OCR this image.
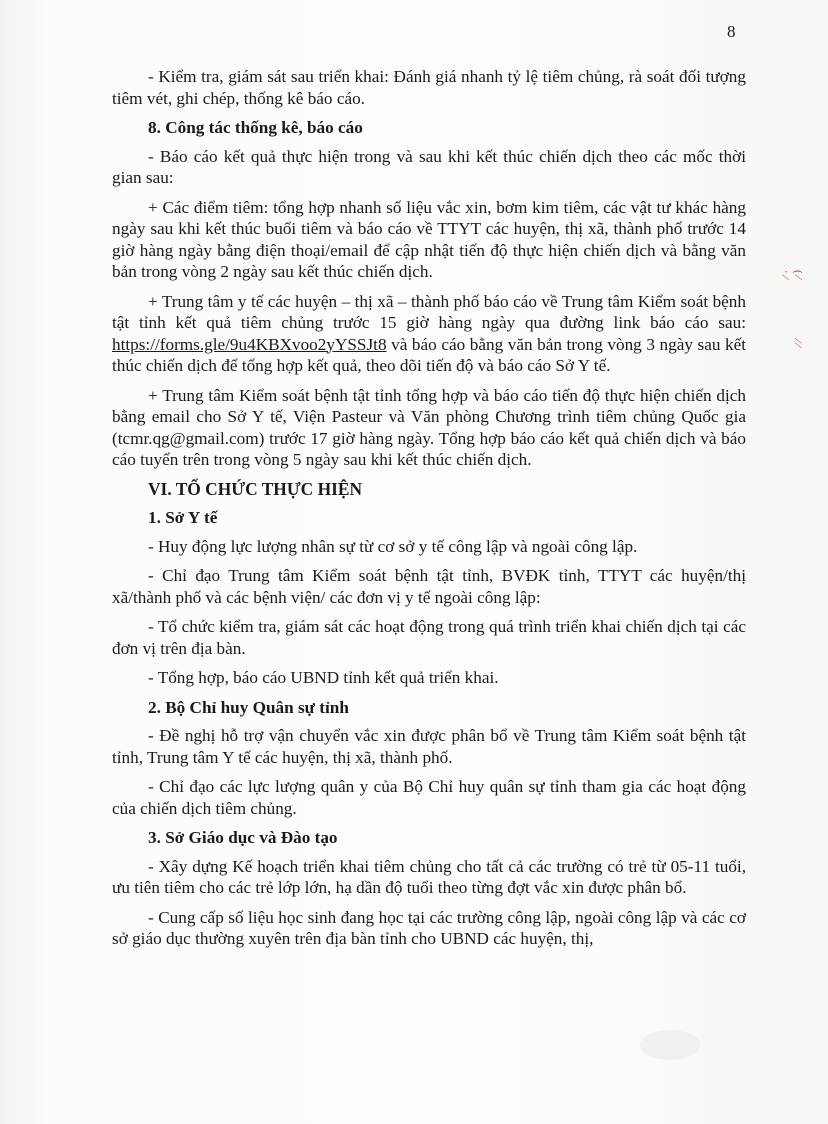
8
( ⁄ ‧ ⁄
⁄ ⁄

- Kiểm tra, giám sát sau triển khai: Đánh giá nhanh tỷ lệ tiêm chủng, rà soát đối tượng tiêm vét, ghi chép, thống kê báo cáo.

8. Công tác thống kê, báo cáo

- Báo cáo kết quả thực hiện trong và sau khi kết thúc chiến dịch theo các mốc thời gian sau:

+ Các điểm tiêm: tổng hợp nhanh số liệu vắc xin, bơm kim tiêm, các vật tư khác hàng ngày sau khi kết thúc buổi tiêm và báo cáo về TTYT các huyện, thị xã, thành phố trước 14 giờ hàng ngày bằng điện thoại/email để cập nhật tiến độ thực hiện chiến dịch và bằng văn bản trong vòng 2 ngày sau kết thúc chiến dịch.

+ Trung tâm y tế các huyện – thị xã – thành phố báo cáo về Trung tâm Kiểm soát bệnh tật tỉnh kết quả tiêm chủng trước 15 giờ hàng ngày qua đường link báo cáo sau: https://forms.gle/9u4KBXvoo2yYSSJt8 và báo cáo bằng văn bản trong vòng 3 ngày sau kết thúc chiến dịch để tổng hợp kết quả, theo dõi tiến độ và báo cáo Sở Y tế.

+ Trung tâm Kiểm soát bệnh tật tỉnh tổng hợp và báo cáo tiến độ thực hiện chiến dịch bằng email cho Sở Y tế, Viện Pasteur và Văn phòng Chương trình tiêm chủng Quốc gia (tcmr.qg@gmail.com) trước 17 giờ hàng ngày. Tổng hợp báo cáo kết quả chiến dịch và báo cáo tuyến trên trong vòng 5 ngày sau khi kết thúc chiến dịch.

VI. TỔ CHỨC THỰC HIỆN

1. Sở Y tế

- Huy động lực lượng nhân sự từ cơ sở y tế công lập và ngoài công lập.

- Chỉ đạo Trung tâm Kiểm soát bệnh tật tỉnh, BVĐK tỉnh, TTYT các huyện/thị xã/thành phố và các bệnh viện/ các đơn vị y tế ngoài công lập:

- Tổ chức kiểm tra, giám sát các hoạt động trong quá trình triển khai chiến dịch tại các đơn vị trên địa bàn.

- Tổng hợp, báo cáo UBND tỉnh kết quả triển khai.

2. Bộ Chỉ huy Quân sự tỉnh

- Đề nghị hỗ trợ vận chuyển vắc xin được phân bổ về Trung tâm Kiểm soát bệnh tật tỉnh, Trung tâm Y tế các huyện, thị xã, thành phố.

- Chỉ đạo các lực lượng quân y của Bộ Chỉ huy quân sự tỉnh tham gia các hoạt động của chiến dịch tiêm chủng.

3. Sở Giáo dục và Đào tạo

- Xây dựng Kế hoạch triển khai tiêm chủng cho tất cả các trường có trẻ từ 05-11 tuổi, ưu tiên tiêm cho các trẻ lớp lớn, hạ dần độ tuổi theo từng đợt vắc xin được phân bổ.

- Cung cấp số liệu học sinh đang học tại các trường công lập, ngoài công lập và các cơ sở giáo dục thường xuyên trên địa bàn tỉnh cho UBND các huyện, thị,
